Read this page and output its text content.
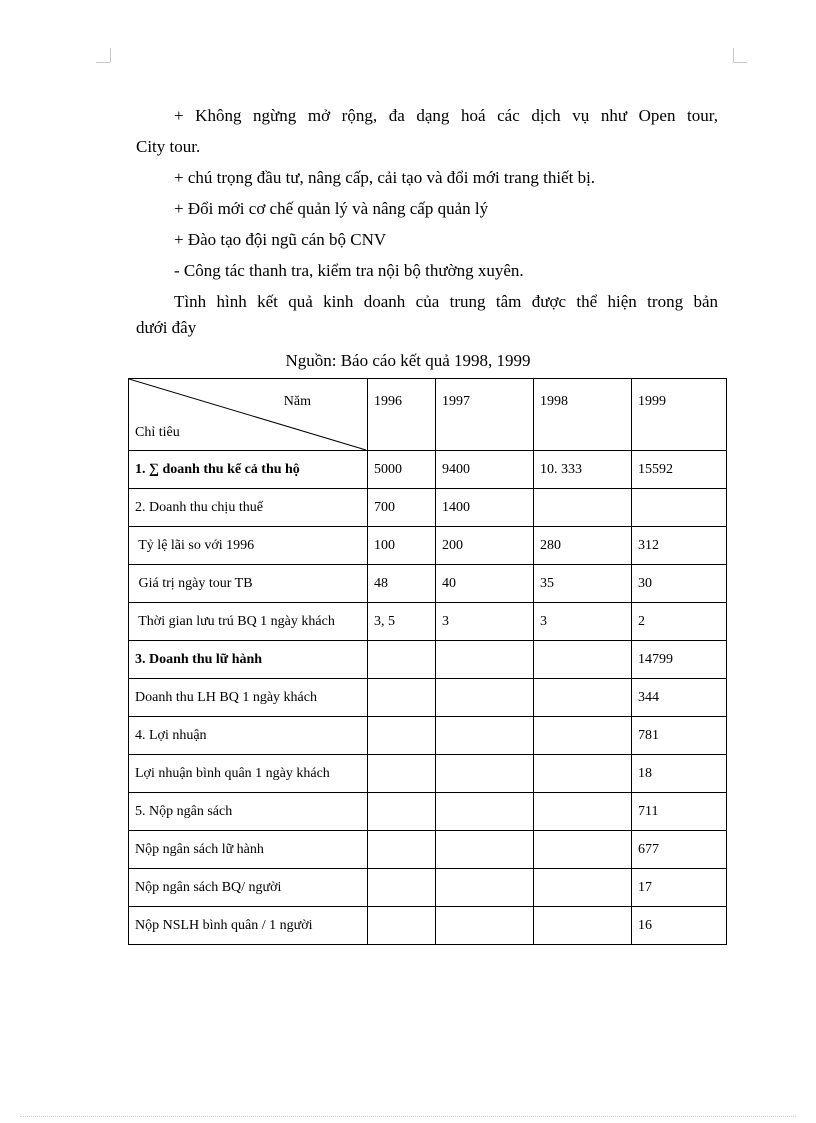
+ Không ngừng mở rộng, đa dạng hoá các dịch vụ như Open tour,

City tour.

+ chú trọng đầu tư, nâng cấp, cải tạo và đổi mới trang thiết bị.

+ Đổi mới cơ chế quản lý và nâng cấp quản lý

+ Đào tạo đội ngũ cán bộ CNV

- Công tác thanh tra, kiểm tra nội bộ thường xuyên.

Tình hình kết quả kinh doanh của trung tâm được thể hiện trong bản

dưới đây

Nguồn: Báo cáo kết quả 1998, 1999
Năm
Chỉ tiêu	1996	1997	1998	1999
1. ∑ doanh thu kể cả thu hộ	5000	9400	10. 333	15592
2. Doanh thu chịu thuế	700	1400		
Tỷ lệ lãi so với 1996	100	200	280	312
Giá trị ngày tour TB	48	40	35	30
Thời gian lưu trú BQ 1 ngày khách	3, 5	3	3	2
3. Doanh thu lữ hành				14799
Doanh thu LH BQ 1 ngày khách				344
4. Lợi nhuận				781
Lợi nhuận bình quân 1 ngày khách				18
5. Nộp ngân sách				711
Nộp ngân sách lữ hành				677
Nộp ngân sách BQ/ người				17
Nộp NSLH bình quân / 1 người				16
